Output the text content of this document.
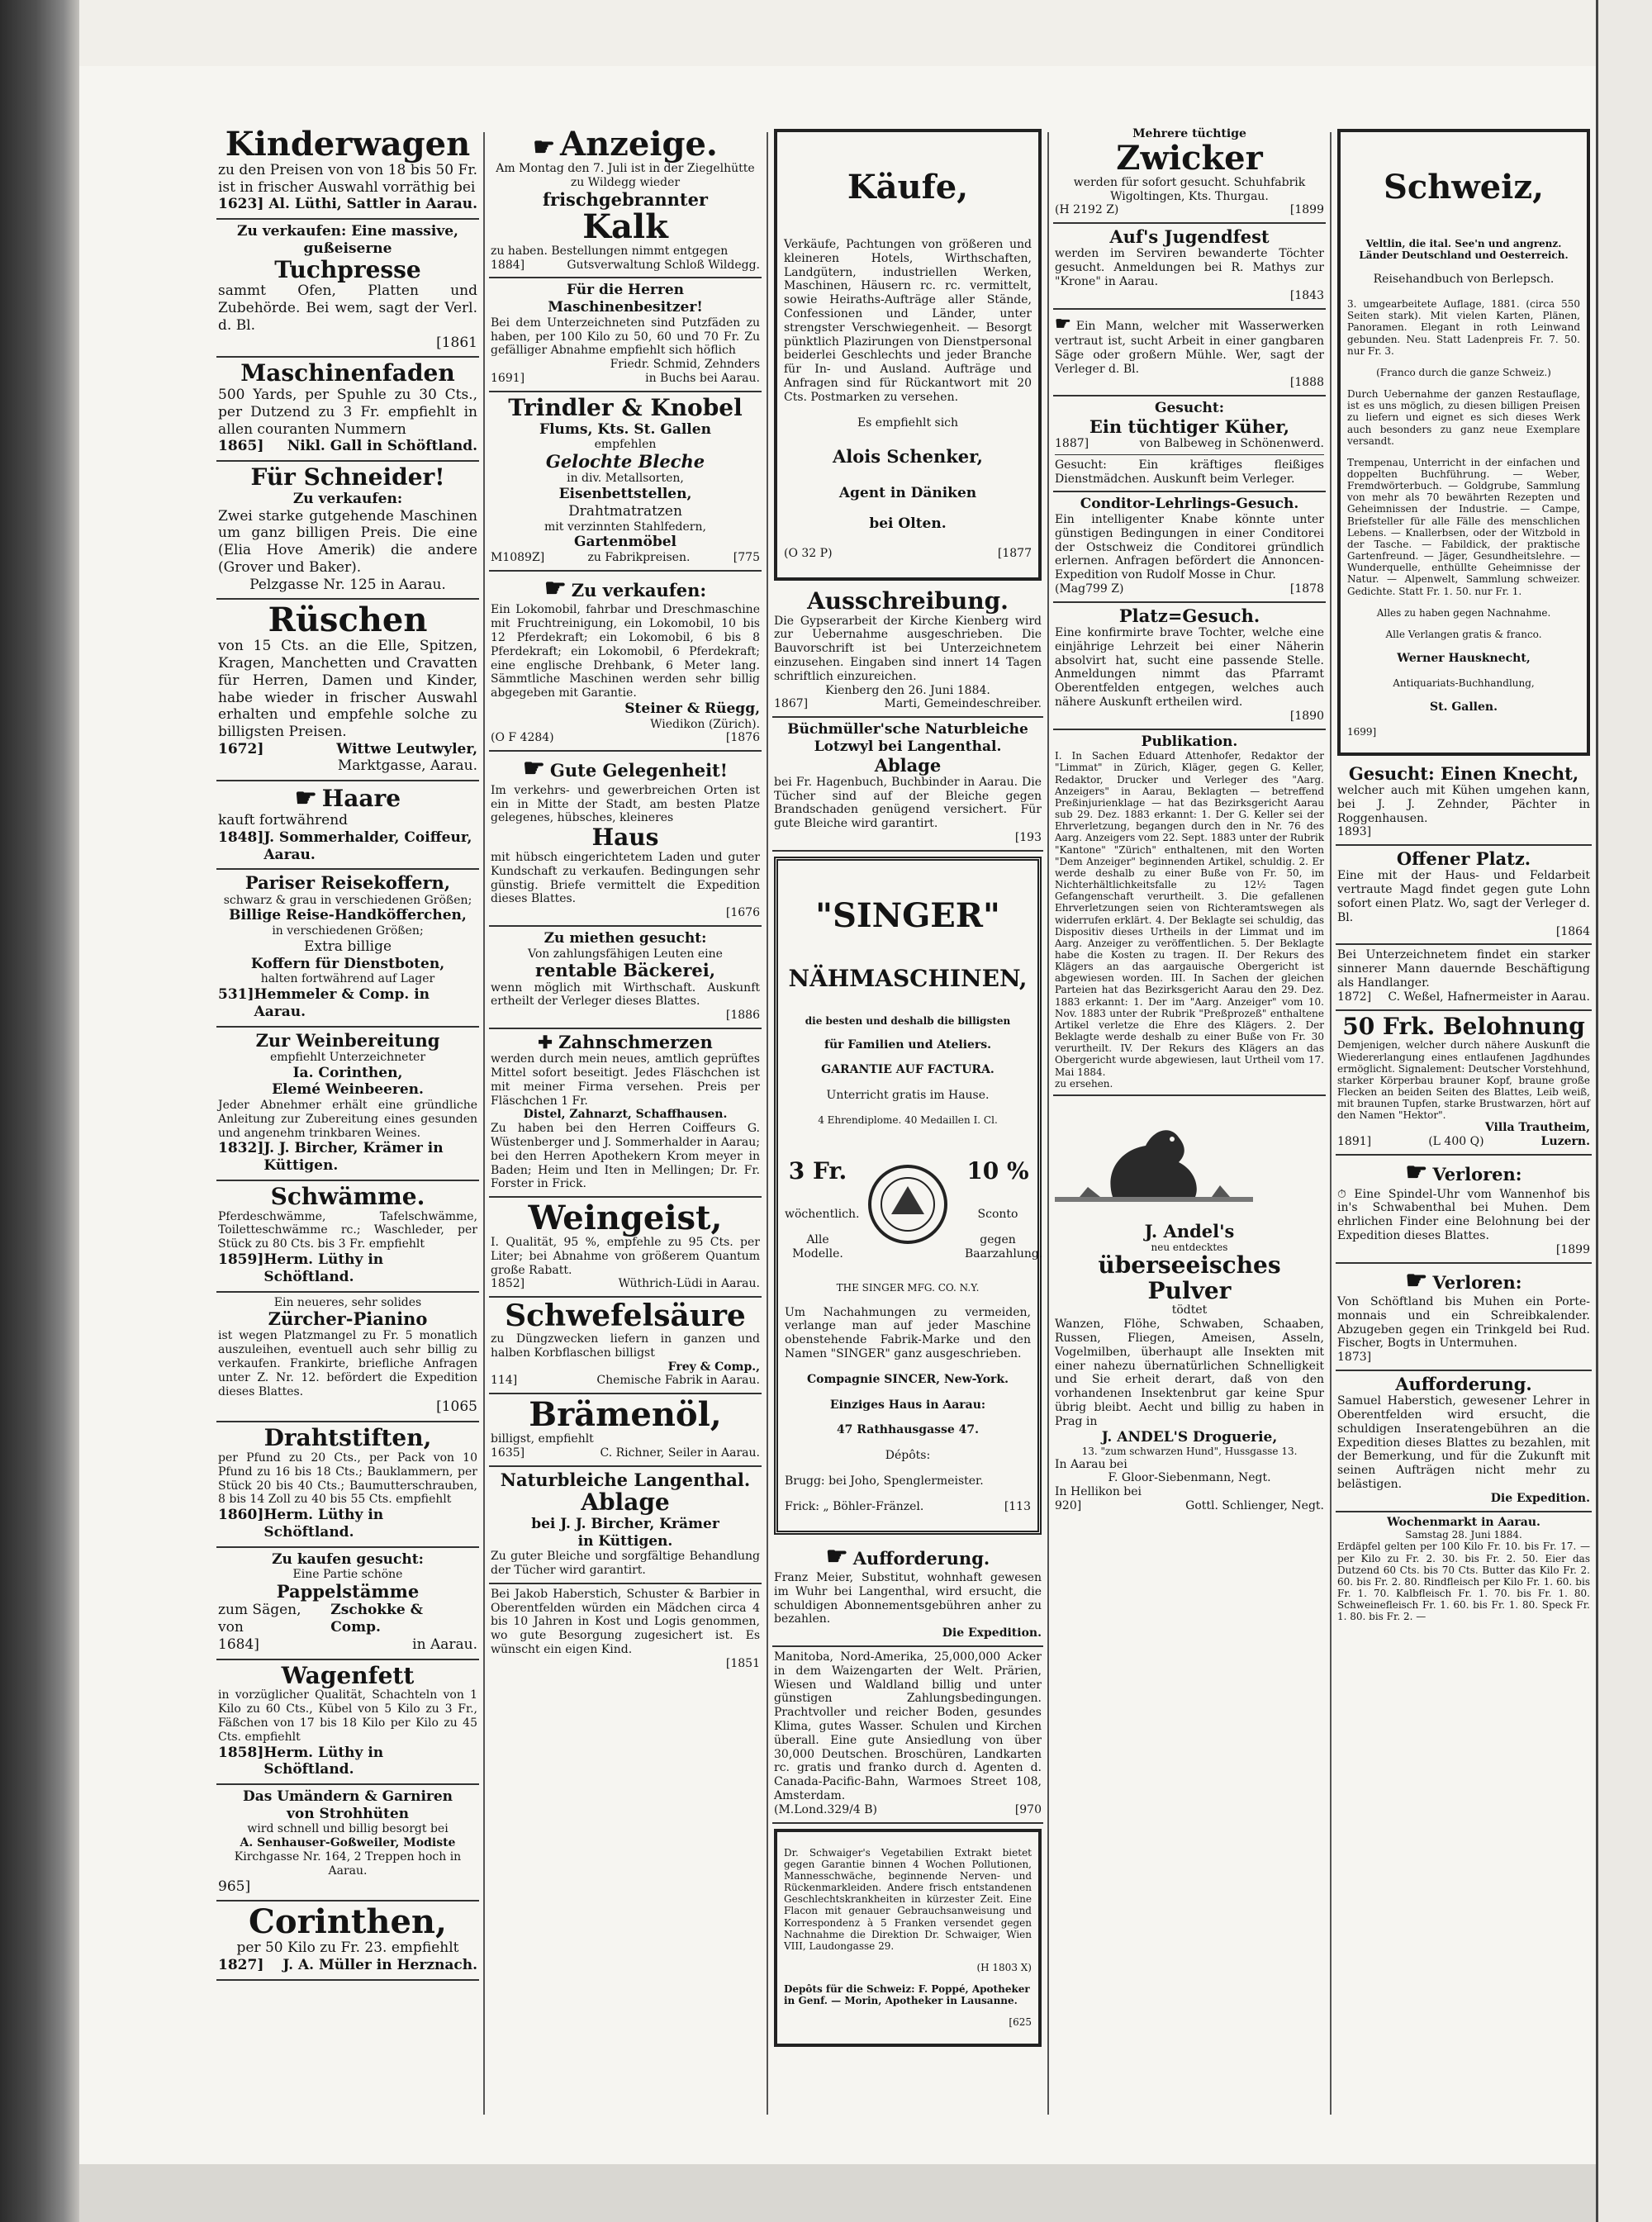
Kinderwagen

zu den Preisen von von 18 bis 50 Fr. ist in frischer Auswahl vorräthig bei

1623] Al. Lüthi, Sattler in Aarau.

Zu verkaufen: Eine massive, gußeiserne

Tuchpresse

sammt Ofen, Platten und Zubehörde. Bei wem, sagt der Verl. d. Bl.

[1861

Maschinenfaden

500 Yards, per Spuhle zu 30 Cts., per Dutzend zu 3 Fr. empfiehlt in allen couranten Nummern

1865] Nikl. Gall in Schöftland.

Für Schneider!

Zu verkaufen:

Zwei starke gutgehende Maschinen um ganz billigen Preis. Die eine (Elia Hove Amerik) die andere (Grover und Baker).

Pelzgasse Nr. 125 in Aarau.

Rüschen

von 15 Cts. an die Elle, Spitzen, Kragen, Manchetten und Cravatten für Herren, Damen und Kinder, habe wieder in frischer Auswahl erhalten und empfehle solche zu billigsten Preisen.

1672]	Wittwe Leutwyler,

Marktgasse, Aarau.

☛ Haare

kauft fortwährend

1848] J. Sommerhalder, Coiffeur, Aarau.

Pariser Reisekoffern,

schwarz & grau in verschiedenen Größen;

Billige Reise-Handköfferchen,

in verschiedenen Größen;

Extra billige

Koffern für Dienstboten,

halten fortwährend auf Lager

531] Hemmeler & Comp. in Aarau.

Zur Weinbereitung

empfiehlt Unterzeichneter

Ia. Corinthen,

Elemé Weinbeeren.

Jeder Abnehmer erhält eine gründliche Anleitung zur Zubereitung eines gesunden und angenehm trinkbaren Weines.

1832] J. J. Bircher, Krämer in Küttigen.

Schwämme.

Pferdeschwämme, Tafelschwämme, Toiletteschwämme rc.; Waschleder, per Stück zu 80 Cts. bis 3 Fr. empfiehlt

1859] Herm. Lüthy in Schöftland.

Ein neueres, sehr solides

Zürcher-Pianino

ist wegen Platzmangel zu Fr. 5 monatlich auszuleihen, eventuell auch sehr billig zu verkaufen. Frankirte, briefliche Anfragen unter Z. Nr. 12. befördert die Expedition dieses Blattes.

[1065

Drahtstiften,

per Pfund zu 20 Cts., per Pack von 10 Pfund zu 16 bis 18 Cts.; Bauklammern, per Stück 20 bis 40 Cts.; Baumutterschrauben, 8 bis 14 Zoll zu 40 bis 55 Cts. empfiehlt

1860] Herm. Lüthy in Schöftland.

Zu kaufen gesucht:

Eine Partie schöne

Pappelstämme

zum Sägen, von
Zschokke & Comp.

1684]	in Aarau.

Wagenfett

in vorzüglicher Qualität, Schachteln von 1 Kilo zu 60 Cts., Kübel von 5 Kilo zu 3 Fr., Fäßchen von 17 bis 18 Kilo per Kilo zu 45 Cts. empfiehlt

1858] Herm. Lüthy in Schöftland.

Das Umändern & Garniren

von Strohhüten

wird schnell und billig besorgt bei

A. Senhauser-Goßweiler, Modiste

Kirchgasse Nr. 164, 2 Treppen hoch in Aarau.

965]

Corinthen,

per 50 Kilo zu Fr. 23. empfiehlt

1827] J. A. Müller in Herznach.

☛ Anzeige.

Am Montag den 7. Juli ist in der Ziegelhütte zu Wildegg wieder

frischgebrannter

Kalk

zu haben. Bestellungen nimmt entgegen

1884]	Gutsverwaltung Schloß Wildegg.

Für die Herren Maschinenbesitzer!

Bei dem Unterzeichneten sind Putzfäden zu haben, per 100 Kilo zu 50, 60 und 70 Fr. Zu gefälliger Abnahme empfiehlt sich höflich

Friedr. Schmid, Zehnders

1691]	in Buchs bei Aarau.

Trindler & Knobel

Flums, Kts. St. Gallen

empfehlen

Gelochte Bleche

in div. Metallsorten,

Eisenbettstellen,

Drahtmatratzen

mit verzinnten Stahlfedern,

Gartenmöbel

M1089Z]	zu Fabrikpreisen.	[775

☛ Zu verkaufen:

Ein Lokomobil, fahrbar und Dreschmaschine mit Fruchtreinigung, ein Lokomobil, 10 bis 12 Pferdekraft; ein Lokomobil, 6 bis 8 Pferdekraft; ein Lokomobil, 6 Pferdekraft; eine englische Drehbank, 6 Meter lang. Sämmtliche Maschinen werden sehr billig abgegeben mit Garantie.

Steiner & Rüegg,

Wiedikon (Zürich).

(O F 4284)	[1876

☛ Gute Gelegenheit!

Im verkehrs- und gewerbreichen Orten ist ein in Mitte der Stadt, am besten Platze gelegenes, hübsches, kleineres

Haus

mit hübsch eingerichtetem Laden und guter Kundschaft zu verkaufen. Bedingungen sehr günstig. Briefe vermittelt die Expedition dieses Blattes.

[1676

Zu miethen gesucht:

Von zahlungsfähigen Leuten eine

rentable Bäckerei,

wenn möglich mit Wirthschaft. Auskunft ertheilt der Verleger dieses Blattes.

[1886

✚ Zahnschmerzen

werden durch mein neues, amtlich geprüftes Mittel sofort beseitigt. Jedes Fläschchen ist mit meiner Firma versehen. Preis per Fläschchen 1 Fr.

Distel, Zahnarzt, Schaffhausen.

Zu haben bei den Herren Coiffeurs G. Wüstenberger und J. Sommerhalder in Aarau; bei den Herren Apothekern Krom meyer in Baden; Heim und Iten in Mellingen; Dr. Fr. Forster in Frick.

Weingeist,

I. Qualität, 95 %, empfehle zu 95 Cts. per Liter; bei Abnahme von größerem Quantum große Rabatt.

1852]	Wüthrich-Lüdi in Aarau.

Schwefelsäure

zu Düngzwecken liefern in ganzen und halben Korbflaschen billigst

Frey & Comp.,

114]	Chemische Fabrik in Aarau.

Brämenöl,

billigst, empfiehlt

1635]	C. Richner, Seiler in Aarau.

Naturbleiche Langenthal.

Ablage

bei J. J. Bircher, Krämer

in Küttigen.

Zu guter Bleiche und sorgfältige Behandlung der Tücher wird garantirt.

Bei Jakob Haberstich, Schuster & Barbier in Oberentfelden würden ein Mädchen circa 4 bis 10 Jahren in Kost und Logis genommen, wo gute Besorgung zugesichert ist. Es wünscht ein eigen Kind.

[1851

Käufe,

Verkäufe, Pachtungen von größeren und kleineren Hotels, Wirthschaften, Landgütern, industriellen Werken, Maschinen, Häusern rc. rc. vermittelt, sowie Heiraths-Aufträge aller Stände, Confessionen und Länder, unter strengster Verschwiegenheit. — Besorgt pünktlich Plazirungen von Dienstpersonal beiderlei Geschlechts und jeder Branche für In- und Ausland. Aufträge und Anfragen sind für Rückantwort mit 20 Cts. Postmarken zu versehen.

Es empfiehlt sich

Alois Schenker,

Agent in Däniken

bei Olten.

(O 32 P)	[1877

Ausschreibung.

Die Gypserarbeit der Kirche Kienberg wird zur Uebernahme ausgeschrieben. Die Bauvorschrift ist bei Unterzeichnetem einzusehen. Eingaben sind innert 14 Tagen schriftlich einzureichen.

Kienberg den 26. Juni 1884.

1867]	Marti, Gemeindeschreiber.

Büchmüller'sche Naturbleiche

Lotzwyl bei Langenthal.

Ablage

bei Fr. Hagenbuch, Buchbinder in Aarau. Die Tücher sind auf der Bleiche gegen Brandschaden genügend versichert. Für gute Bleiche wird garantirt.

[193

"SINGER"

NÄHMASCHINEN,

die besten und deshalb die billigsten

für Familien und Ateliers.

GARANTIE AUF FACTURA.

Unterricht gratis im Hause.

4 Ehrendiplome. 40 Medaillen I. Cl.

3 Fr.

wöchentlich.

Alle Modelle.

10 %

Sconto

gegen Baarzahlung.

THE SINGER MFG. CO. N.Y.

Um Nachahmungen zu vermeiden, verlange man auf jeder Maschine obenstehende Fabrik-Marke und den Namen "SINGER" ganz ausgeschrieben.

Compagnie SINCER, New-York.

Einziges Haus in Aarau:

47 Rathhausgasse 47.

Dépôts:

Brugg: bei Joho, Spenglermeister.

Frick: „ Böhler-Fränzel.	[113

☛ Aufforderung.

Franz Meier, Substitut, wohnhaft gewesen im Wuhr bei Langenthal, wird ersucht, die schuldigen Abonnementsgebühren anher zu bezahlen.

Die Expedition.

Manitoba, Nord-Amerika, 25,000,000 Acker in dem Waizengarten der Welt. Prärien, Wiesen und Waldland billig und unter günstigen Zahlungsbedingungen. Prachtvoller und reicher Boden, gesundes Klima, gutes Wasser. Schulen und Kirchen überall. Eine gute Ansiedlung von über 30,000 Deutschen. Broschüren, Landkarten rc. gratis und franko durch d. Agenten d. Canada-Pacific-Bahn, Warmoes Street 108, Amsterdam.

(M.Lond.329/4 B)	[970

Dr. Schwaiger's Vegetabilien Extrakt bietet gegen Garantie binnen 4 Wochen Pollutionen, Mannesschwäche, beginnende Nerven- und Rückenmarkleiden. Andere frisch entstandenen Geschlechtskrankheiten in kürzester Zeit. Eine Flacon mit genauer Gebrauchsanweisung und Korrespondenz à 5 Franken versendet gegen Nachnahme die Direktion Dr. Schwaiger, Wien VIII, Laudongasse 29.

(H 1803 X)

Depôts für die Schweiz: F. Poppé, Apotheker in Genf. — Morin, Apotheker in Lausanne.

[625

Mehrere tüchtige

Zwicker

werden für sofort gesucht. Schuhfabrik Wigoltingen, Kts. Thurgau.

(H 2192 Z)	[1899

Auf's Jugendfest

werden im Serviren bewanderte Töchter gesucht. Anmeldungen bei R. Mathys zur "Krone" in Aarau.

[1843

☛ Ein Mann, welcher mit Wasserwerken vertraut ist, sucht Arbeit in einer gangbaren Säge oder großern Mühle. Wer, sagt der Verleger d. Bl.

[1888

Gesucht:

Ein tüchtiger Küher,

1887]	von Balbeweg in Schönenwerd.

Gesucht: Ein kräftiges fleißiges Dienstmädchen. Auskunft beim Verleger.

Conditor-Lehrlings-Gesuch.

Ein intelligenter Knabe könnte unter günstigen Bedingungen in einer Conditorei der Ostschweiz die Conditorei gründlich erlernen. Anfragen befördert die Annoncen-Expedition von Rudolf Mosse in Chur.

(Mag799 Z)	[1878

Platz=Gesuch.

Eine konfirmirte brave Tochter, welche eine einjährige Lehrzeit bei einer Näherin absolvirt hat, sucht eine passende Stelle. Anmeldungen nimmt das Pfarramt Oberentfelden entgegen, welches auch nähere Auskunft ertheilen wird.

[1890

Publikation.

I. In Sachen Eduard Attenhofer, Redaktor der "Limmat" in Zürich, Kläger, gegen G. Keller, Redaktor, Drucker und Verleger des "Aarg. Anzeigers" in Aarau, Beklagten — betreffend Preßinjurienklage — hat das Bezirksgericht Aarau sub 29. Dez. 1883 erkannt: 1. Der G. Keller sei der Ehrverletzung, begangen durch den in Nr. 76 des Aarg. Anzeigers vom 22. Sept. 1883 unter der Rubrik "Kantone" "Zürich" enthaltenen, mit den Worten "Dem Anzeiger" beginnenden Artikel, schuldig. 2. Er werde deshalb zu einer Buße von Fr. 50, im Nichterhältlichkeitsfalle zu 12½ Tagen Gefangenschaft verurtheilt. 3. Die gefallenen Ehrverletzungen seien von Richteramtswegen als widerrufen erklärt. 4. Der Beklagte sei schuldig, das Dispositiv dieses Urtheils in der Limmat und im Aarg. Anzeiger zu veröffentlichen. 5. Der Beklagte habe die Kosten zu tragen. II. Der Rekurs des Klägers an das aargauische Obergericht ist abgewiesen worden. III. In Sachen der gleichen Parteien hat das Bezirksgericht Aarau den 29. Dez. 1883 erkannt: 1. Der im "Aarg. Anzeiger" vom 10. Nov. 1883 unter der Rubrik "Preßprozeß" enthaltene Artikel verletze die Ehre des Klägers. 2. Der Beklagte werde deshalb zu einer Buße von Fr. 30 verurtheilt. IV. Der Rekurs des Klägers an das Obergericht wurde abgewiesen, laut Urtheil vom 17. Mai 1884.

zu ersehen.

J. Andel's

neu entdecktes

überseeisches Pulver

tödtet

Wanzen, Flöhe, Schwaben, Schaaben, Russen, Fliegen, Ameisen, Asseln, Vogelmilben, überhaupt alle Insekten mit einer nahezu übernatürlichen Schnelligkeit und Sie erheit derart, daß von den vorhandenen Insektenbrut gar keine Spur übrig bleibt. Aecht und billig zu haben in Prag in

J. ANDEL'S Droguerie,

13. "zum schwarzen Hund", Hussgasse 13.

In Aarau bei

F. Gloor-Siebenmann, Negt.

In Hellikon bei

920]	Gottl. Schlienger, Negt.

Schweiz,

Veltlin, die ital. See'n und angrenz. Länder Deutschland und Oesterreich.

Reisehandbuch von Berlepsch.

3. umgearbeitete Auflage, 1881. (circa 550 Seiten stark). Mit vielen Karten, Plänen, Panoramen. Elegant in roth Leinwand gebunden. Neu. Statt Ladenpreis Fr. 7. 50. nur Fr. 3.

(Franco durch die ganze Schweiz.)

Durch Uebernahme der ganzen Restauflage, ist es uns möglich, zu diesen billigen Preisen zu liefern und eignet es sich dieses Werk auch besonders zu ganz neue Exemplare versandt.

Trempenau, Unterricht in der einfachen und doppelten Buchführung. — Weber, Fremdwörterbuch. — Goldgrube, Sammlung von mehr als 70 bewährten Rezepten und Geheimnissen der Industrie. — Campe, Briefsteller für alle Fälle des menschlichen Lebens. — Knallerbsen, oder der Witzbold in der Tasche. — Fabildick, der praktische Gartenfreund. — Jäger, Gesundheitslehre. — Wunderquelle, enthüllte Geheimnisse der Natur. — Alpenwelt, Sammlung schweizer. Gedichte. Statt Fr. 1. 50. nur Fr. 1.

Alles zu haben gegen Nachnahme.

Alle Verlangen gratis & franco.

Werner Hausknecht,

Antiquariats-Buchhandlung,

St. Gallen.

1699]

Gesucht: Einen Knecht,

welcher auch mit Kühen umgehen kann, bei J. J. Zehnder, Pächter in Roggenhausen.

1893]

Offener Platz.

Eine mit der Haus- und Feldarbeit vertraute Magd findet gegen gute Lohn sofort einen Platz. Wo, sagt der Verleger d. Bl.

[1864

Bei Unterzeichnetem findet ein starker sinnerer Mann dauernde Beschäftigung als Handlanger.

1872] C. Weßel, Hafnermeister in Aarau.

50 Frk. Belohnung

Demjenigen, welcher durch nähere Auskunft die Wiedererlangung eines entlaufenen Jagdhundes ermöglicht. Signalement: Deutscher Vorstehhund, starker Körperbau brauner Kopf, braune große Flecken an beiden Seiten des Blattes, Leib weiß, mit braunen Tupfen, starke Brustwarzen, hört auf den Namen "Hektor".

Villa Trautheim,

1891]	(L 400 Q)	Luzern.

☛ Verloren:

⏱ Eine Spindel-Uhr vom Wannenhof bis in's Schwabenthal bei Muhen. Dem ehrlichen Finder eine Belohnung bei der Expedition dieses Blattes.

[1899

☛ Verloren:

Von Schöftland bis Muhen ein Porte-monnais und ein Schreibkalender. Abzugeben gegen ein Trinkgeld bei Rud. Fischer, Bogts in Untermuhen.

1873]

Aufforderung.

Samuel Haberstich, gewesener Lehrer in Oberentfelden wird ersucht, die schuldigen Inseratengebühren an die Expedition dieses Blattes zu bezahlen, mit der Bemerkung, und für die Zukunft mit seinen Aufträgen nicht mehr zu belästigen.

Die Expedition.

Wochenmarkt in Aarau.

Samstag 28. Juni 1884.

Erdäpfel gelten per 100 Kilo Fr. 10. bis Fr. 17. — per Kilo zu Fr. 2. 30. bis Fr. 2. 50. Eier das Dutzend 60 Cts. bis 70 Cts. Butter das Kilo Fr. 2. 60. bis Fr. 2. 80. Rindfleisch per Kilo Fr. 1. 60. bis Fr. 1. 70. Kalbfleisch Fr. 1. 70. bis Fr. 1. 80. Schweinefleisch Fr. 1. 60. bis Fr. 1. 80. Speck Fr. 1. 80. bis Fr. 2. —
